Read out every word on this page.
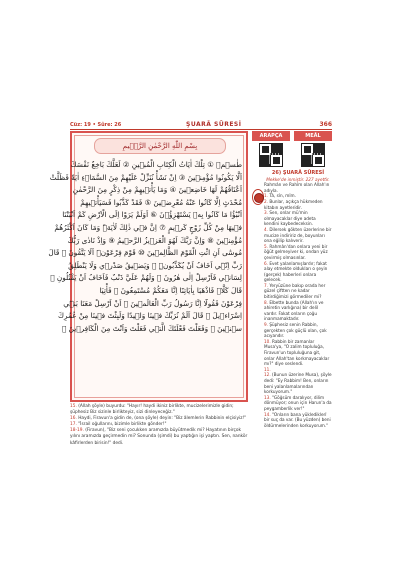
Cüz: 19 • Sûre: 26	ŞUARÂ SÛRESİ	366
بِسْمِ اللّٰهِ الرَّحْمٰنِ الرَّح۪يمِ
طٰسۤمۤ ① تِلْكَ اٰيَاتُ الْكِتَابِ الْمُب۪ينِ ② لَعَلَّكَ بَاخِعٌ نَفْسَكَ
اَلَّا يَكُونُوا مُؤْمِن۪ينَ ③ اِنْ نَشَأْ نُنَزِّلْ عَلَيْهِمْ مِنَ السَّمَاۤءِ اٰيَةً فَظَلَّتْ
اَعْنَاقُهُمْ لَهَا خَاضِع۪ينَ ④ وَمَا يَأْت۪يهِمْ مِنْ ذِكْرٍ مِنَ الرَّحْمٰنِ
مُحْدَثٍ اِلَّا كَانُوا عَنْهُ مُعْرِض۪ينَ ⑤ فَقَدْ كَذَّبُوا فَسَيَأْت۪يهِمْ
اَنْبٰٓؤُا مَا كَانُوا بِه۪ يَسْتَهْزِؤُ۫نَ ⑥ اَوَلَمْ يَرَوْا اِلَى الْاَرْضِ كَمْ اَنْبَتْنَا
ف۪يهَا مِنْ كُلِّ زَوْجٍ كَر۪يمٍ ⑦ اِنَّ ف۪ي ذٰلِكَ لَاٰيَةًۜ وَمَا كَانَ اَكْثَرُهُمْ
مُؤْمِن۪ينَ ⑧ وَاِنَّ رَبَّكَ لَهُوَ الْعَز۪يزُ الرَّح۪يمُ ⑨ وَاِذْ نَادٰى رَبُّكَ
مُوسٰٓى اَنِ ائْتِ الْقَوْمَ الظَّالِم۪ينَ ⑩ قَوْمَ فِرْعَوْنَۜ اَلَا يَتَّقُونَ ⑪ قَالَ
رَبِّ اِنّ۪ٓي اَخَافُ اَنْ يُكَذِّبُونِۜ ⑫ وَيَض۪يقُ صَدْر۪ي وَلَا يَنْطَلِقُ
لِسَان۪ي فَاَرْسِلْ اِلٰى هٰرُونَ ⑬ وَلَهُمْ عَلَيَّ ذَنْبٌ فَاَخَافُ اَنْ يَقْتُلُونِ ⑭
قَالَ كَلَّاۚ فَاذْهَبَا بِاٰيَاتِنَٓا اِنَّا مَعَكُمْ مُسْتَمِعُونَ ⑮ فَأْتِيَا
فِرْعَوْنَ فَقُولَٓا اِنَّا رَسُولُ رَبِّ الْعَالَم۪ينَ ⑯ اَنْ اَرْسِلْ مَعَنَا بَن۪ٓي
اِسْرَٓاء۪يلَ ⑰ قَالَ اَلَمْ نُرَبِّكَ ف۪ينَا وَل۪يدًا وَلَبِثْتَ ف۪ينَا مِنْ عُمُرِكَ
س۪ن۪ينَ ⑱ وَفَعَلْتَ فَعْلَتَكَ الَّت۪ي فَعَلْتَ وَاَنْتَ مِنَ الْكَافِر۪ينَ ⑲

15. (Allah şöyle) buyurdu: "Hayır! haydi ikiniz birlikte, mucizelerimizle gidin; şüphesiz Biz sizinle birlikteyiz, sizi dinleyeceğiz."

16. Haydi, Firavun'a gidin de, (ona şöyle) deyin: "Biz âlemlerin Rabbinin elçisiyiz!"

17. "İsrail oğullarını, bizimle birlikte gönder!"

18-19. (Firavun), "Biz seni çocukken aramızda büyütmedik mi? Hayatının birçok yılını aramızda geçirmedin mi? Sonunda (şimdi) bu yaptığın işi yaptın. Sen, nankör kâfirlerden birisin!" dedi.

ARAPÇA	MEÂL
26) ŞUARÂ SÛRESİ
Mekke'de inmiştir. 227 ayettir.
Rahmân ve Rahîm olan Allah'ın adıyla.
1. Tâ, sîn, mîm.
2. Bunlar, açıkça hükmeden kitabın ayetleridir.
3. Sen, onlar mü'min olmayacaklar diye adeta kendini kaybedeceksin.
4. Dilersek gökten üzerlerine bir mucize indiririz de, boyunları ona eğilip kalıverir.
5. Rahmân'dan onlara yeni bir öğüt gelmeyiver ki, ondan yüz çevirmiş olmasınlar.
6. Evet yalanlamışlardır; fakat alay etmekte oldukları o şeyin (gerçek) haberleri onlara gelecek.
7. Yeryüzüne bakıp orada her güzel çiftten ne kadar bitirdiğimizi görmediler mi?
8. Elbette bunda (Allah'ın ve ahiretin varlığına) bir delil vardır. Fakat onların çoğu inanmamaktadır.
9. Şüphesiz senin Rabbin, gerçekten çok güçlü olan, çok acıyandır.
10. Rabbin bir zamanlar Musa'ya, "O zalim topluluğa, Firavun'un topluluğuna git, onlar Allah'tan korkmayacaklar mı?" diye seslendi.
11.
12. (Bunun üzerine Musa), şöyle dedi: "Ey Rabbim! Ben, onların beni yalanlamalarından korkuyorum."
13. "Göğsüm daralıyor, dilim dönmüyor; onun için Harun'a da peygamberlik ver!"
14. "Onların bana yüklediklerî bir suç da var. (Bu yüzden) beni öldürmelerinden korkuyorum."
